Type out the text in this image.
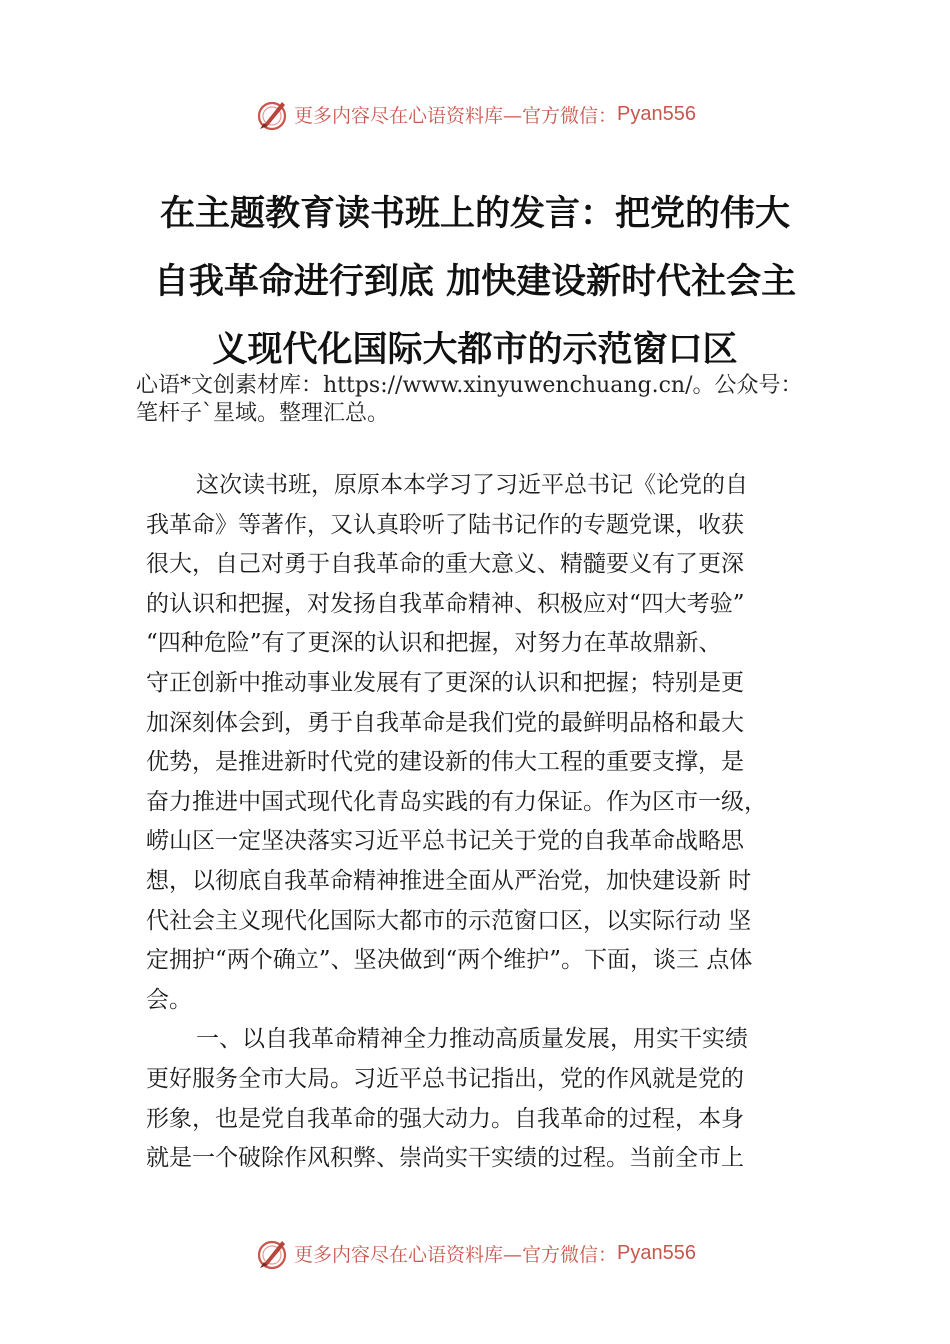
更多内容尽在心语资料库—官方微信： Pyan556
在主题教育读书班上的发言：把党的伟大
自我革命进行到底 加快建设新时代社会主
义现代化国际大都市的示范窗口区

心语*文创素材库：https://www.xinyuwenchuang.cn/。公众号：

笔杆子`星域。整理汇总。

这次读书班，原原本本学习了习近平总书记《论党的自
我革命》等著作，又认真聆听了陆书记作的专题党课，收获
很大，自己对勇于自我革命的重大意义、精髓要义有了更深
的认识和把握，对发扬自我革命精神、积极应对“四大考验”
“四种危险”有了更深的认识和把握，对努力在革故鼎新、
守正创新中推动事业发展有了更深的认识和把握；特别是更
加深刻体会到，勇于自我革命是我们党的最鲜明品格和最大
优势，是推进新时代党的建设新的伟大工程的重要支撑，是
奋力推进中国式现代化青岛实践的有力保证。作为区市一级，
崂山区一定坚决落实习近平总书记关于党的自我革命战略思
想，以彻底自我革命精神推进全面从严治党，加快建设新 时
代社会主义现代化国际大都市的示范窗口区，以实际行动 坚
定拥护“两个确立”、坚决做到“两个维护”。下面，谈三 点体
会。
一、以自我革命精神全力推动高质量发展，用实干实绩
更好服务全市大局。习近平总书记指出，党的作风就是党的
形象，也是党自我革命的强大动力。自我革命的过程，本身
就是一个破除作风积弊、崇尚实干实绩的过程。当前全市上
更多内容尽在心语资料库—官方微信： Pyan556
